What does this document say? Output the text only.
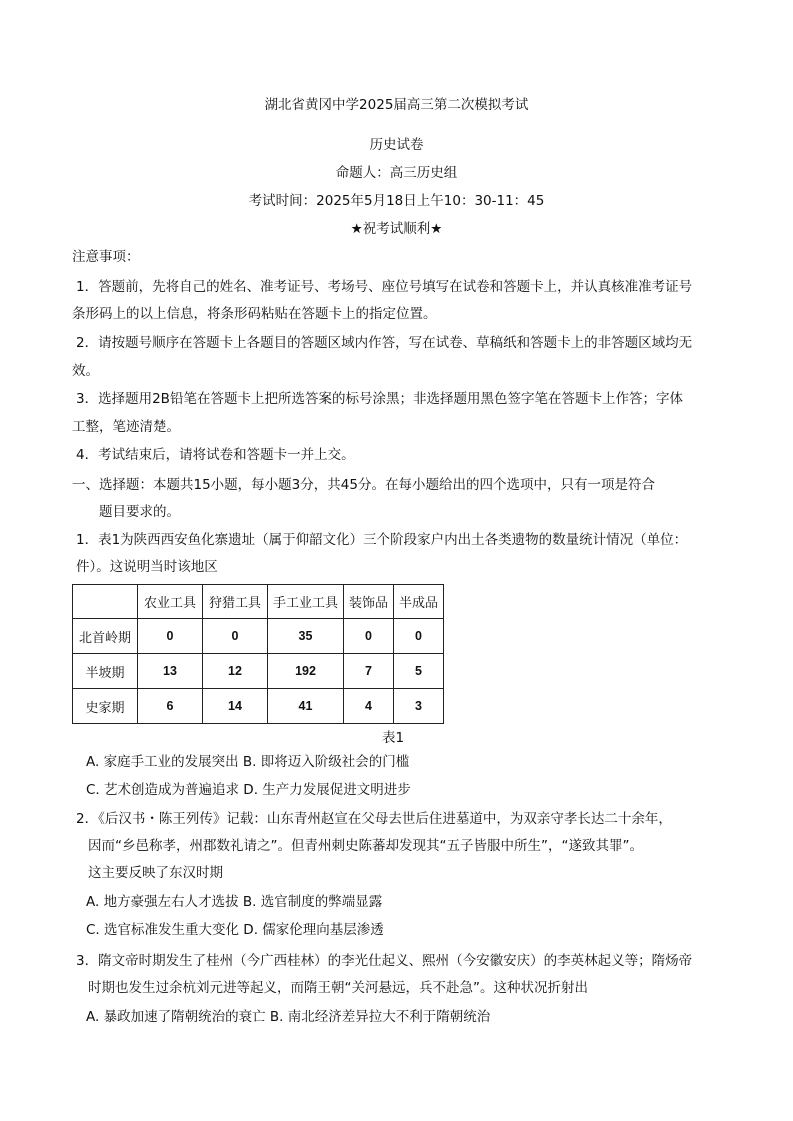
湖北省黄冈中学2025届高三第二次模拟考试
历史试卷
命题人：高三历史组
考试时间：2025年5月18日上午10：30-11：45
★祝考试顺利★
注意事项：
1．答题前，先将自己的姓名、准考证号、考场号、座位号填写在试卷和答题卡上，并认真核准准考证号
条形码上的以上信息，将条形码粘贴在答题卡上的指定位置。
2．请按题号顺序在答题卡上各题目的答题区域内作答，写在试卷、草稿纸和答题卡上的非答题区域均无
效。
3．选择题用2B铅笔在答题卡上把所选答案的标号涂黑；非选择题用黑色签字笔在答题卡上作答；字体
工整，笔迹清楚。
4．考试结束后，请将试卷和答题卡一并上交。
一、选择题：本题共15小题，每小题3分，共45分。在每小题给出的四个选项中，只有一项是符合
题目要求的。
1．表1为陕西西安鱼化寨遗址（属于仰韶文化）三个阶段家户内出土各类遗物的数量统计情况（单位：
件）。这说明当时该地区
	农业工具	狩猎工具	手工业工具	装饰品	半成品
北首岭期	0	0	35	0	0
半坡期	13	12	192	7	5
史家期	6	14	41	4	3
表1
A. 家庭手工业的发展突出 B. 即将迈入阶级社会的门槛
C. 艺术创造成为普遍追求 D. 生产力发展促进文明进步
2．《后汉书・陈王列传》记载：山东青州赵宣在父母去世后住进墓道中，为双亲守孝长达二十余年，
因而“乡邑称孝，州郡数礼请之”。但青州刺史陈蕃却发现其“五子皆服中所生”，“遂致其罪”。
这主要反映了东汉时期
A. 地方豪强左右人才选拔 B. 选官制度的弊端显露
C. 选官标准发生重大变化 D. 儒家伦理向基层渗透
3．隋文帝时期发生了桂州（今广西桂林）的李光仕起义、熙州（今安徽安庆）的李英林起义等；隋炀帝
时期也发生过余杭刘元进等起义，而隋王朝“关河悬远，兵不赴急”。这种状况折射出
A. 暴政加速了隋朝统治的衰亡 B. 南北经济差异拉大不利于隋朝统治
